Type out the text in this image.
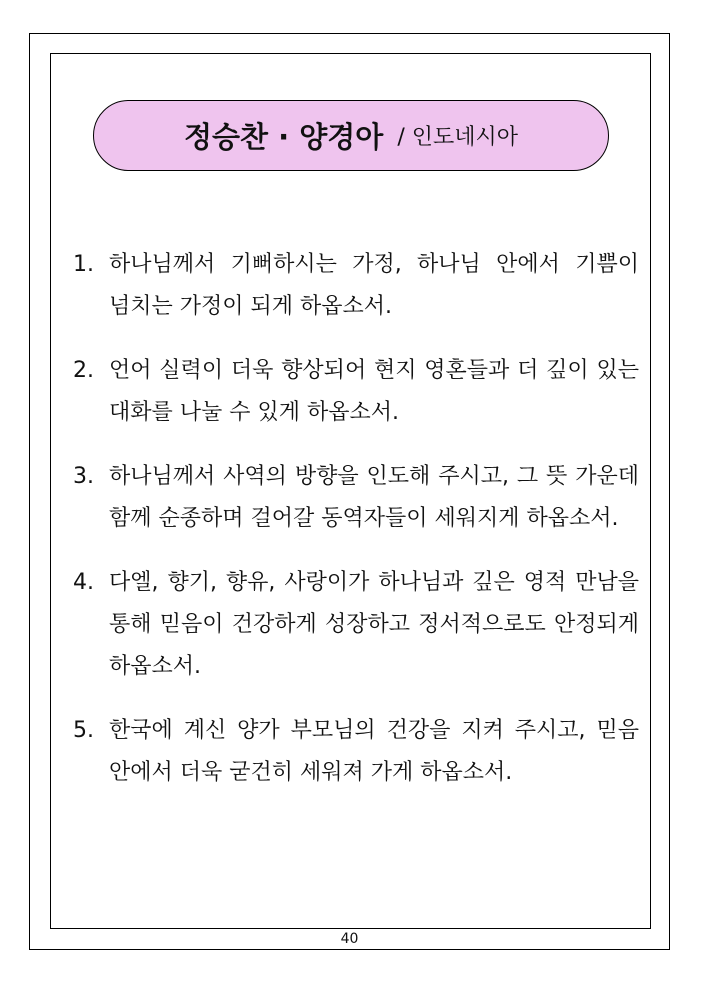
정승찬 · 양경아 / 인도네시아
1. 하나님께서 기뻐하시는 가정, 하나님 안에서 기쁨이 넘치는 가정이 되게 하옵소서.
2. 언어 실력이 더욱 향상되어 현지 영혼들과 더 깊이 있는 대화를 나눌 수 있게 하옵소서.
3. 하나님께서 사역의 방향을 인도해 주시고, 그 뜻 가운데 함께 순종하며 걸어갈 동역자들이 세워지게 하옵소서.
4. 다엘, 향기, 향유, 사랑이가 하나님과 깊은 영적 만남을 통해 믿음이 건강하게 성장하고 정서적으로도 안정되게 하옵소서.
5. 한국에 계신 양가 부모님의 건강을 지켜 주시고, 믿음 안에서 더욱 굳건히 세워져 가게 하옵소서.
40
